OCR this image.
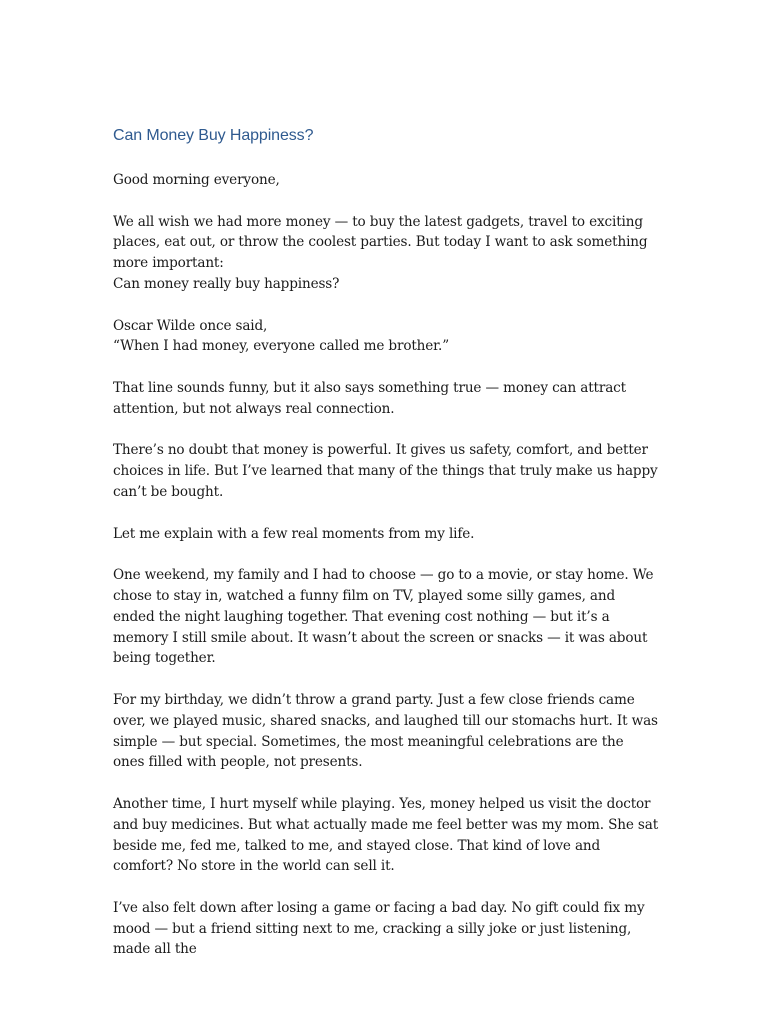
Can Money Buy Happiness?

Good morning everyone,

We all wish we had more money — to buy the latest gadgets, travel to exciting places, eat out, or throw the coolest parties. But today I want to ask something more important:
Can money really buy happiness?

Oscar Wilde once said,
“When I had money, everyone called me brother.”

That line sounds funny, but it also says something true — money can attract attention, but not always real connection.

There’s no doubt that money is powerful. It gives us safety, comfort, and better choices in life. But I’ve learned that many of the things that truly make us happy can’t be bought.

Let me explain with a few real moments from my life.

One weekend, my family and I had to choose — go to a movie, or stay home. We chose to stay in, watched a funny film on TV, played some silly games, and ended the night laughing together. That evening cost nothing — but it’s a memory I still smile about. It wasn’t about the screen or snacks — it was about being together.

For my birthday, we didn’t throw a grand party. Just a few close friends came over, we played music, shared snacks, and laughed till our stomachs hurt. It was simple — but special. Sometimes, the most meaningful celebrations are the ones filled with people, not presents.

Another time, I hurt myself while playing. Yes, money helped us visit the doctor and buy medicines. But what actually made me feel better was my mom. She sat beside me, fed me, talked to me, and stayed close. That kind of love and comfort? No store in the world can sell it.

I’ve also felt down after losing a game or facing a bad day. No gift could fix my mood — but a friend sitting next to me, cracking a silly joke or just listening, made all the
